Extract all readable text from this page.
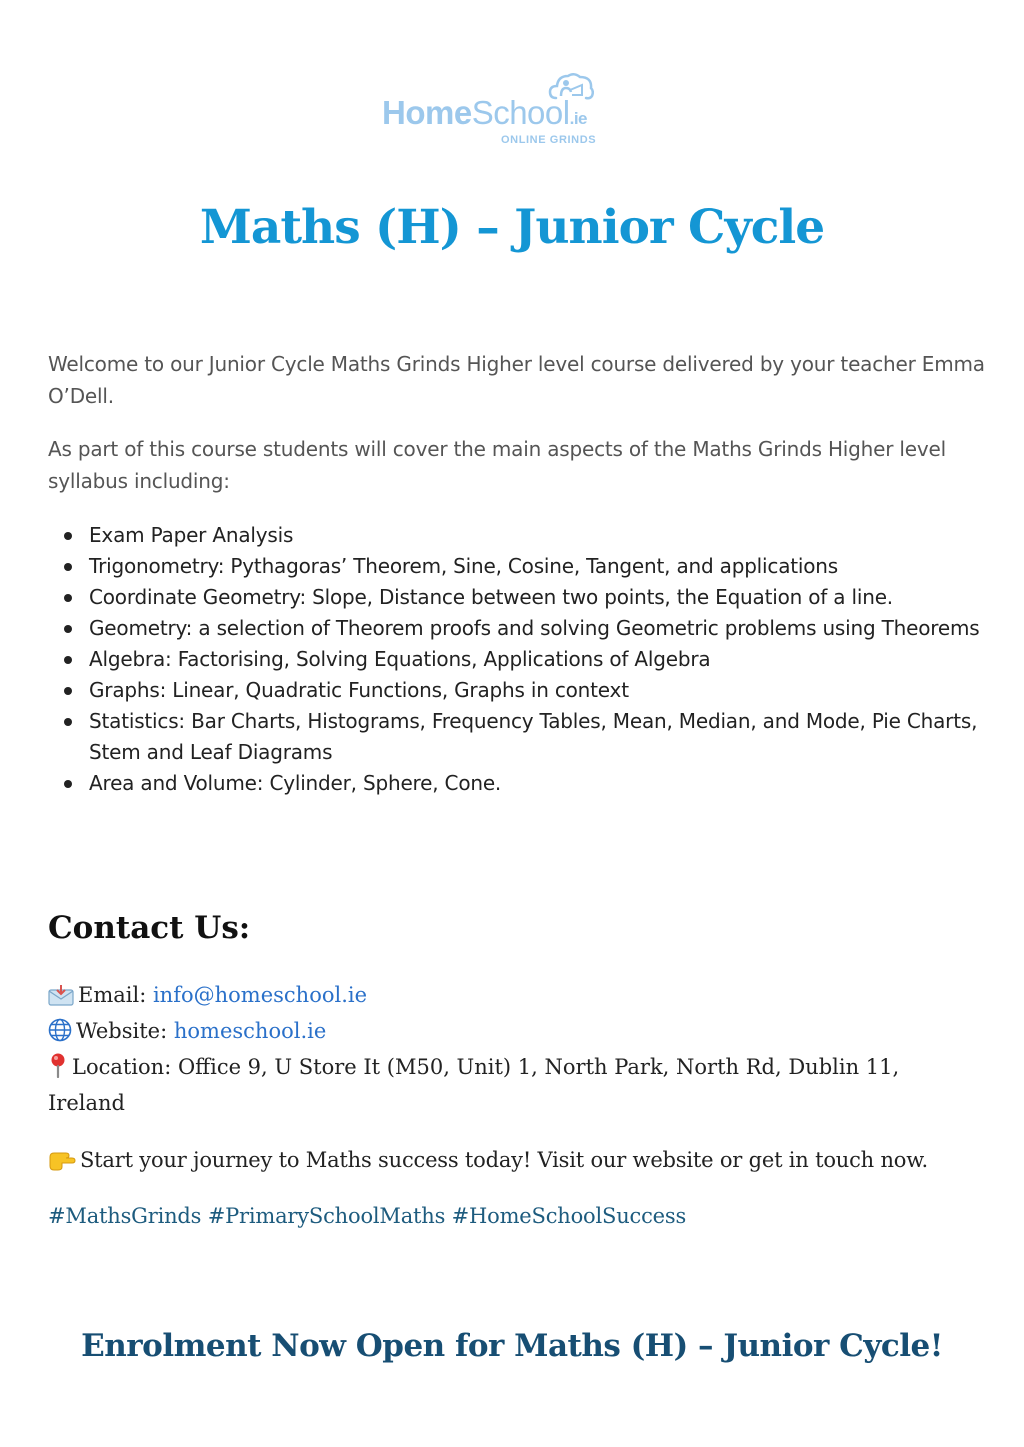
HomeSchool.ie
ONLINE GRINDS
Maths (H) – Junior Cycle

Welcome to our Junior Cycle Maths Grinds Higher level course delivered by your teacher Emma O’Dell.

As part of this course students will cover the main aspects of the Maths Grinds Higher level syllabus including:

Exam Paper Analysis
Trigonometry: Pythagoras’ Theorem, Sine, Cosine, Tangent, and applications
Coordinate Geometry: Slope, Distance between two points, the Equation of a line.
Geometry: a selection of Theorem proofs and solving Geometric problems using Theorems
Algebra: Factorising, Solving Equations, Applications of Algebra
Graphs: Linear, Quadratic Functions, Graphs in context
Statistics: Bar Charts, Histograms, Frequency Tables, Mean, Median, and Mode, Pie Charts, Stem and Leaf Diagrams
Area and Volume: Cylinder, Sphere, Cone.
Contact Us:
Email: info@homeschool.ie
Website: homeschool.ie
Location: Office 9, U Store It (M50, Unit) 1, North Park, North Rd, Dublin 11, Ireland

Start your journey to Maths success today! Visit our website or get in touch now.

#MathsGrinds #PrimarySchoolMaths #HomeSchoolSuccess

Enrolment Now Open for Maths (H) – Junior Cycle!
